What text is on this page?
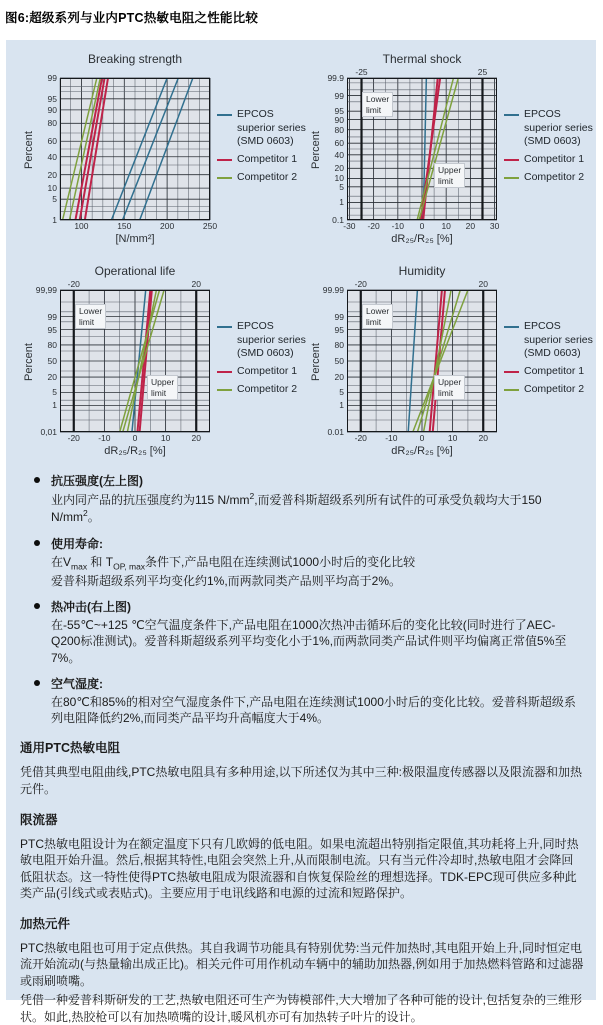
图6:超级系列与业内PTC热敏电阻之性能比较
Breaking strength
Percent
1
5
10
20
40
60
80
90
95
99
100	150	200	250
[N/mm²]
EPCOS
superior series
(SMD 0603)
Competitor 1
Competitor 2
Thermal shock
-25	25
Percent
Lower
limit
Upper
limit
0.1
1
5
10
20
40
60
80
90
95
99
99.9
-30	-20	-10	0	10	20	30
dR₂₅/R₂₅ [%]
EPCOS
superior series
(SMD 0603)
Competitor 1
Competitor 2
Operational life
-20	20
Percent
Lower
limit
Upper
limit
0,01
1
5
20
50
80
95
99
99,99
-20	-10	0	10	20
dR₂₅/R₂₅ [%]
EPCOS
superior series
(SMD 0603)
Competitor 1
Competitor 2
Humidity
-20	20
Percent
Lower
limit
Upper
limit
0.01
1
5
20
50
80
95
99
99.99
-20	-10	0	10	20
dR₂₅/R₂₅ [%]
EPCOS
superior series
(SMD 0603)
Competitor 1
Competitor 2
抗压强度(左上图)
业内同产品的抗压强度约为115 $N/mm^2$,而爱普科斯超级系列所有试件的可承受负载均大于150 $N/mm^2$。
使用寿命:
在$V_{max}$ 和 $T_{OP, max}$条件下,产品电阻在连续测试1000小时后的变化比较
爱普科斯超级系列平均变化约1%,而两款同类产品则平均高于2%。
热冲击(右上图)
在-55℃~+125 ℃空气温度条件下,产品电阻在1000次热冲击循环后的变化比较(同时进行了AEC-Q200标准测试)。爱普科斯超级系列平均变化小于1%,而两款同类产品试件则平均偏离正常值5%至7%。
空气湿度:
在80℃和85%的相对空气湿度条件下,产品电阻在连续测试1000小时后的变化比较。爱普科斯超级系列电阻降低约2%,而同类产品平均升高幅度大于4%。
通用PTC热敏电阻

凭借其典型电阻曲线,PTC热敏电阻具有多种用途,以下所述仅为其中三种:极限温度传感器以及限流器和加热元件。

限流器

PTC热敏电阻设计为在额定温度下只有几欧姆的低电阻。如果电流超出特别指定限值,其功耗将上升,同时热敏电阻开始升温。然后,根据其特性,电阻会突然上升,从而限制电流。只有当元件冷却时,热敏电阻才会降回低阻状态。这一特性使得PTC热敏电阻成为限流器和自恢复保险丝的理想选择。TDK-EPC现可供应多种此类产品(引线式或表贴式)。主要应用于电讯线路和电源的过流和短路保护。

加热元件

PTC热敏电阻也可用于定点供热。其自我调节功能具有特别优势:当元件加热时,其电阻开始上升,同时恒定电流开始流动(与热量输出成正比)。相关元件可用作机动车辆中的辅助加热器,例如用于加热燃料管路和过滤器或雨刷喷嘴。

凭借一种爱普科斯研发的工艺,热敏电阻还可生产为铸模部件,大大增加了各种可能的设计,包括复杂的三维形状。如此,热胶枪可以有加热喷嘴的设计,暖风机亦可有加热转子叶片的设计。
